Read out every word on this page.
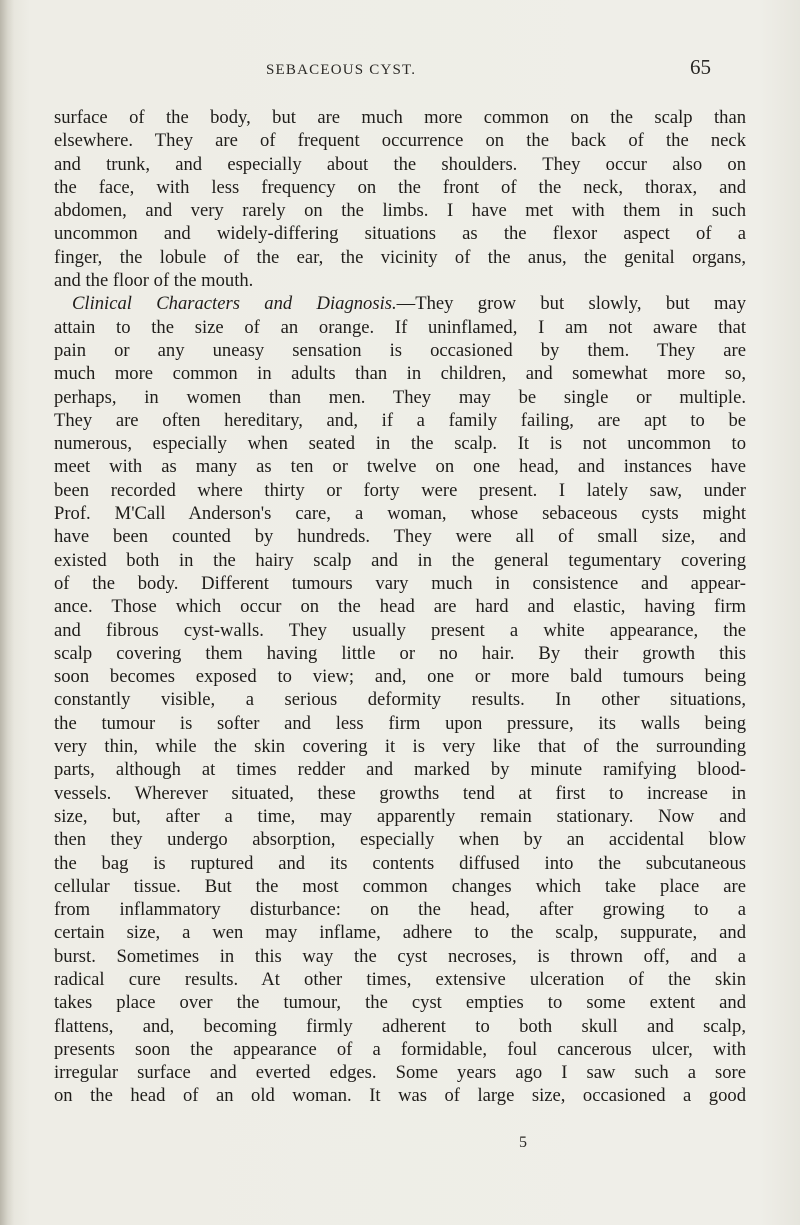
SEBACEOUS CYST.	65
surface of the body, but are much more common on the scalp than
elsewhere. They are of frequent occurrence on the back of the neck
and trunk, and especially about the shoulders. They occur also on
the face, with less frequency on the front of the neck, thorax, and
abdomen, and very rarely on the limbs. I have met with them in such
uncommon and widely-differing situations as the flexor aspect of a
finger, the lobule of the ear, the vicinity of the anus, the genital organs,
and the floor of the mouth.
Clinical Characters and Diagnosis.—They grow but slowly, but may
attain to the size of an orange. If uninflamed, I am not aware that
pain or any uneasy sensation is occasioned by them. They are
much more common in adults than in children, and somewhat more so,
perhaps, in women than men. They may be single or multiple.
They are often hereditary, and, if a family failing, are apt to be
numerous, especially when seated in the scalp. It is not uncommon to
meet with as many as ten or twelve on one head, and instances have
been recorded where thirty or forty were present. I lately saw, under
Prof. M'Call Anderson's care, a woman, whose sebaceous cysts might
have been counted by hundreds. They were all of small size, and
existed both in the hairy scalp and in the general tegumentary covering
of the body. Different tumours vary much in consistence and appear-
ance. Those which occur on the head are hard and elastic, having firm
and fibrous cyst-walls. They usually present a white appearance, the
scalp covering them having little or no hair. By their growth this
soon becomes exposed to view; and, one or more bald tumours being
constantly visible, a serious deformity results. In other situations,
the tumour is softer and less firm upon pressure, its walls being
very thin, while the skin covering it is very like that of the surrounding
parts, although at times redder and marked by minute ramifying blood-
vessels. Wherever situated, these growths tend at first to increase in
size, but, after a time, may apparently remain stationary. Now and
then they undergo absorption, especially when by an accidental blow
the bag is ruptured and its contents diffused into the subcutaneous
cellular tissue. But the most common changes which take place are
from inflammatory disturbance: on the head, after growing to a
certain size, a wen may inflame, adhere to the scalp, suppurate, and
burst. Sometimes in this way the cyst necroses, is thrown off, and a
radical cure results. At other times, extensive ulceration of the skin
takes place over the tumour, the cyst empties to some extent and
flattens, and, becoming firmly adherent to both skull and scalp,
presents soon the appearance of a formidable, foul cancerous ulcer, with
irregular surface and everted edges. Some years ago I saw such a sore
on the head of an old woman. It was of large size, occasioned a good
5
